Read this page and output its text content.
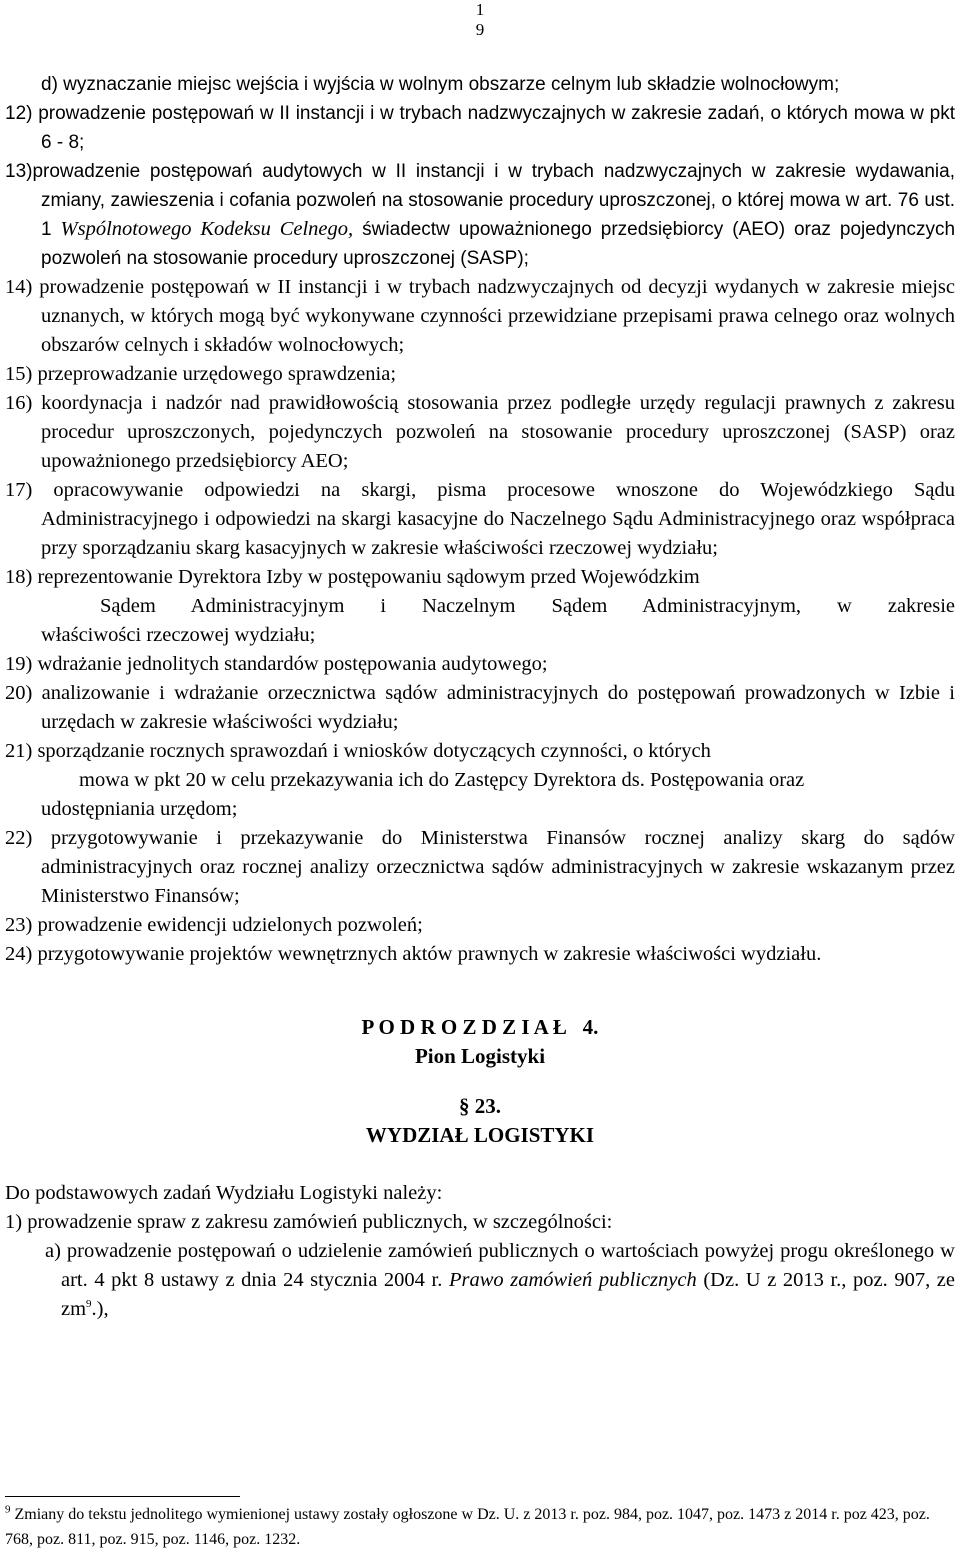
1
9

d) wyznaczanie miejsc wejścia i wyjścia w wolnym obszarze celnym lub składzie wolnocłowym;

12) prowadzenie postępowań w II instancji i w trybach nadzwyczajnych w zakresie zadań, o których mowa w pkt 6 - 8;

13)prowadzenie postępowań audytowych w II instancji i w trybach nadzwyczajnych w zakresie wydawania, zmiany, zawieszenia i cofania pozwoleń na stosowanie procedury uproszczonej, o której mowa w art. 76 ust. 1 Wspólnotowego Kodeksu Celnego, świadectw upoważnionego przedsiębiorcy (AEO) oraz pojedynczych pozwoleń na stosowanie procedury uproszczonej (SASP);

14) prowadzenie postępowań w II instancji i w trybach nadzwyczajnych od decyzji wydanych w zakresie miejsc uznanych, w których mogą być wykonywane czynności przewidziane przepisami prawa celnego oraz wolnych obszarów celnych i składów wolnocłowych;

15) przeprowadzanie urzędowego sprawdzenia;

16) koordynacja i nadzór nad prawidłowością stosowania przez podległe urzędy regulacji prawnych z zakresu procedur uproszczonych, pojedynczych pozwoleń na stosowanie procedury uproszczonej (SASP) oraz upoważnionego przedsiębiorcy AEO;

17) opracowywanie odpowiedzi na skargi, pisma procesowe wnoszone do Wojewódzkiego Sądu Administracyjnego i odpowiedzi na skargi kasacyjne do Naczelnego Sądu Administracyjnego oraz współpraca przy sporządzaniu skarg kasacyjnych w zakresie właściwości rzeczowej wydziału;

18) reprezentowanie Dyrektora Izby w postępowaniu sądowym przed Wojewódzkim
Sądem Administracyjnym i Naczelnym Sądem Administracyjnym, w zakresie
właściwości rzeczowej wydziału;

19) wdrażanie jednolitych standardów postępowania audytowego;

20) analizowanie i wdrażanie orzecznictwa sądów administracyjnych do postępowań prowadzonych w Izbie i urzędach w zakresie właściwości wydziału;

21) sporządzanie rocznych sprawozdań i wniosków dotyczących czynności, o których
mowa w pkt 20 w celu przekazywania ich do Zastępcy Dyrektora ds. Postępowania oraz
udostępniania urzędom;

22) przygotowywanie i przekazywanie do Ministerstwa Finansów rocznej analizy skarg do sądów administracyjnych oraz rocznej analizy orzecznictwa sądów administracyjnych w zakresie wskazanym przez Ministerstwo Finansów;

23) prowadzenie ewidencji udzielonych pozwoleń;

24) przygotowywanie projektów wewnętrznych aktów prawnych w zakresie właściwości wydziału.

P O D R O Z D Z I A Ł   4.
Pion Logistyki
§ 23.
WYDZIAŁ LOGISTYKI
Do podstawowych zadań Wydziału Logistyki należy:
1) prowadzenie spraw z zakresu zamówień publicznych, w szczególności:

a) prowadzenie postępowań o udzielenie zamówień publicznych o wartościach powyżej progu określonego w art. 4 pkt 8 ustawy z dnia 24 stycznia 2004 r. Prawo zamówień publicznych (Dz. U z 2013 r., poz. 907, ze $zm^9$.),

$^9$ Zmiany do tekstu jednolitego wymienionej ustawy zostały ogłoszone w Dz. U. z 2013 r. poz. 984, poz. 1047, poz. 1473 z 2014 r. poz 423, poz. 768, poz. 811, poz. 915, poz. 1146, poz. 1232.
